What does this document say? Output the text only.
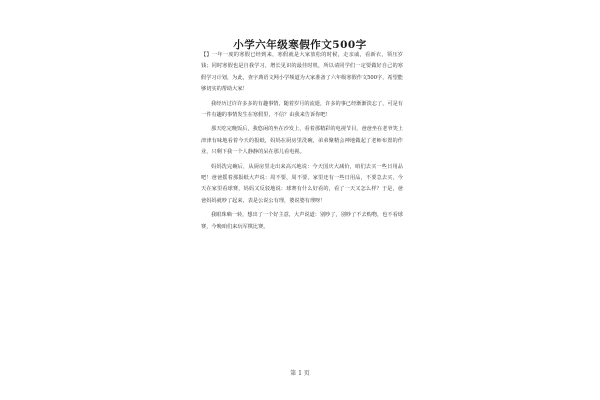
小学六年级寒假作文500字

【】一年一度的寒假已经到来，寒假就是大家放松的时候，走亲戚，看新衣，领压岁钱；同时寒假也是自我学习，增长见识的最佳时机，所以请同学们一定要做好自己的寒假学习计划，为此，查字典语文网小学频道为大家准备了六年级寒假作文500字，希望能够切实的帮助大家！

我经历过许许多多的有趣事情，随着岁月的流逝，许多的事已经渐渐淡忘了，可是有一件有趣的事情发生在寒假里，不信？由我来告诉你吧！

那天吃完晚饭后，我悠闲的坐在沙发上，看着那精彩的电视节目，爸爸坐在老爷笑上津津有味地看着今天的报纸，妈妈在厨房里洗碗，弟弟聚精会神地做起了老师布置的作业，只剩下我一个人静静的呆在那儿看电视。

妈妈洗完碗后，从厨房里走出来高兴地说：今天国庆大减价，咱们去买一些日用品吧！爸爸摇着那报纸大声说：周不要，周不要，家里还有一些日用品，不要急去买，今天在家里看球赛，妈妈又反驳地说：球赛有什么好看的，看了一天又怎么样？于是，爸爸妈妈就吵了起来，表是公说公有理，婆说婆有理呀！

我眼珠嘀一转，想出了一个好主意，大声说道：别吵了，别吵了不去购物，也不看球赛，今晚咱们来玩军棋比赛。

第 1 页
